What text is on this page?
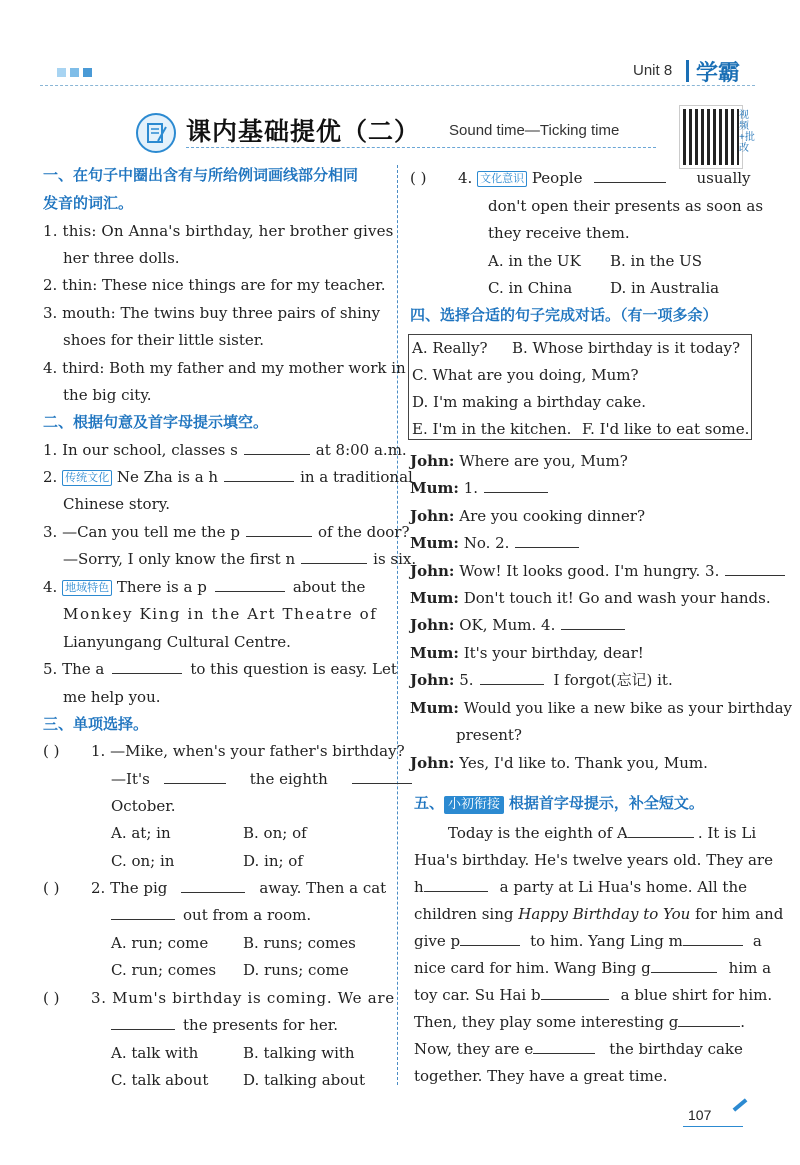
Unit 8 学霸
课内基础提优（二） Sound time—Ticking time
视频+批改
一、在句子中圈出含有与所给例词画线部分相同
发音的词汇。
1. this: On Anna's birthday, her brother gives
her three dolls.
2. thin: These nice things are for my teacher.
3. mouth: The twins buy three pairs of shiny
shoes for their little sister.
4. third: Both my father and my mother work in
the big city.
二、根据句意及首字母提示填空。
1. In our school, classes s	at 8:00 a.m.
2. 传统文化 Ne Zha is a h	in a traditional
Chinese story.
3. —Can you tell me the p	of the door?
—Sorry, I only know the first n	is six.
4. 地域特色 There is a p	about the
Monkey King in the Art Theatre of
Lianyungang Cultural Centre.
5. The a	to this question is easy. Let
me help you.
三、单项选择。
( ) 1. —Mike, when's your father's birthday?
—It's	the eighth
October.
A. at; in	B. on; of
C. on; in	D. in; of
( ) 2. The pig	away. Then a cat
out from a room.
A. run; come B. runs; comes
C. run; comes D. runs; come
( ) 3. Mum's birthday is coming. We are
the presents for her.
A. talk with	B. talking with
C. talk about D. talking about
( ) 4. 文化意识 People	usually
don't open their presents as soon as
they receive them.
A. in the UK B. in the US
C. in China	D. in Australia
四、选择合适的句子完成对话。（有一项多余）
A. Really? B. Whose birthday is it today?
C. What are you doing, Mum?
D. I'm making a birthday cake.
E. I'm in the kitchen. F. I'd like to eat some.
John: Where are you, Mum?
Mum: 1.
John: Are you cooking dinner?
Mum: No. 2.
John: Wow! It looks good. I'm hungry. 3.
Mum: Don't touch it! Go and wash your hands.
John: OK, Mum. 4.
Mum: It's your birthday, dear!
John: 5.	I forgot(忘记) it.
Mum: Would you like a new bike as your birthday
present?
John: Yes, I'd like to. Thank you, Mum.
五、 小初衔接 根据首字母提示，补全短文。
Today is the eighth of A	. It is Li
Hua's birthday. He's twelve years old. They are
h	a party at Li Hua's home. All the
children sing Happy Birthday to You for him and
give p	to him. Yang Ling m	a
nice card for him. Wang Bing g	him a
toy car. Su Hai b	a blue shirt for him.
Then, they play some interesting g	.
Now, they are e	the birthday cake
together. They have a great time.
107
